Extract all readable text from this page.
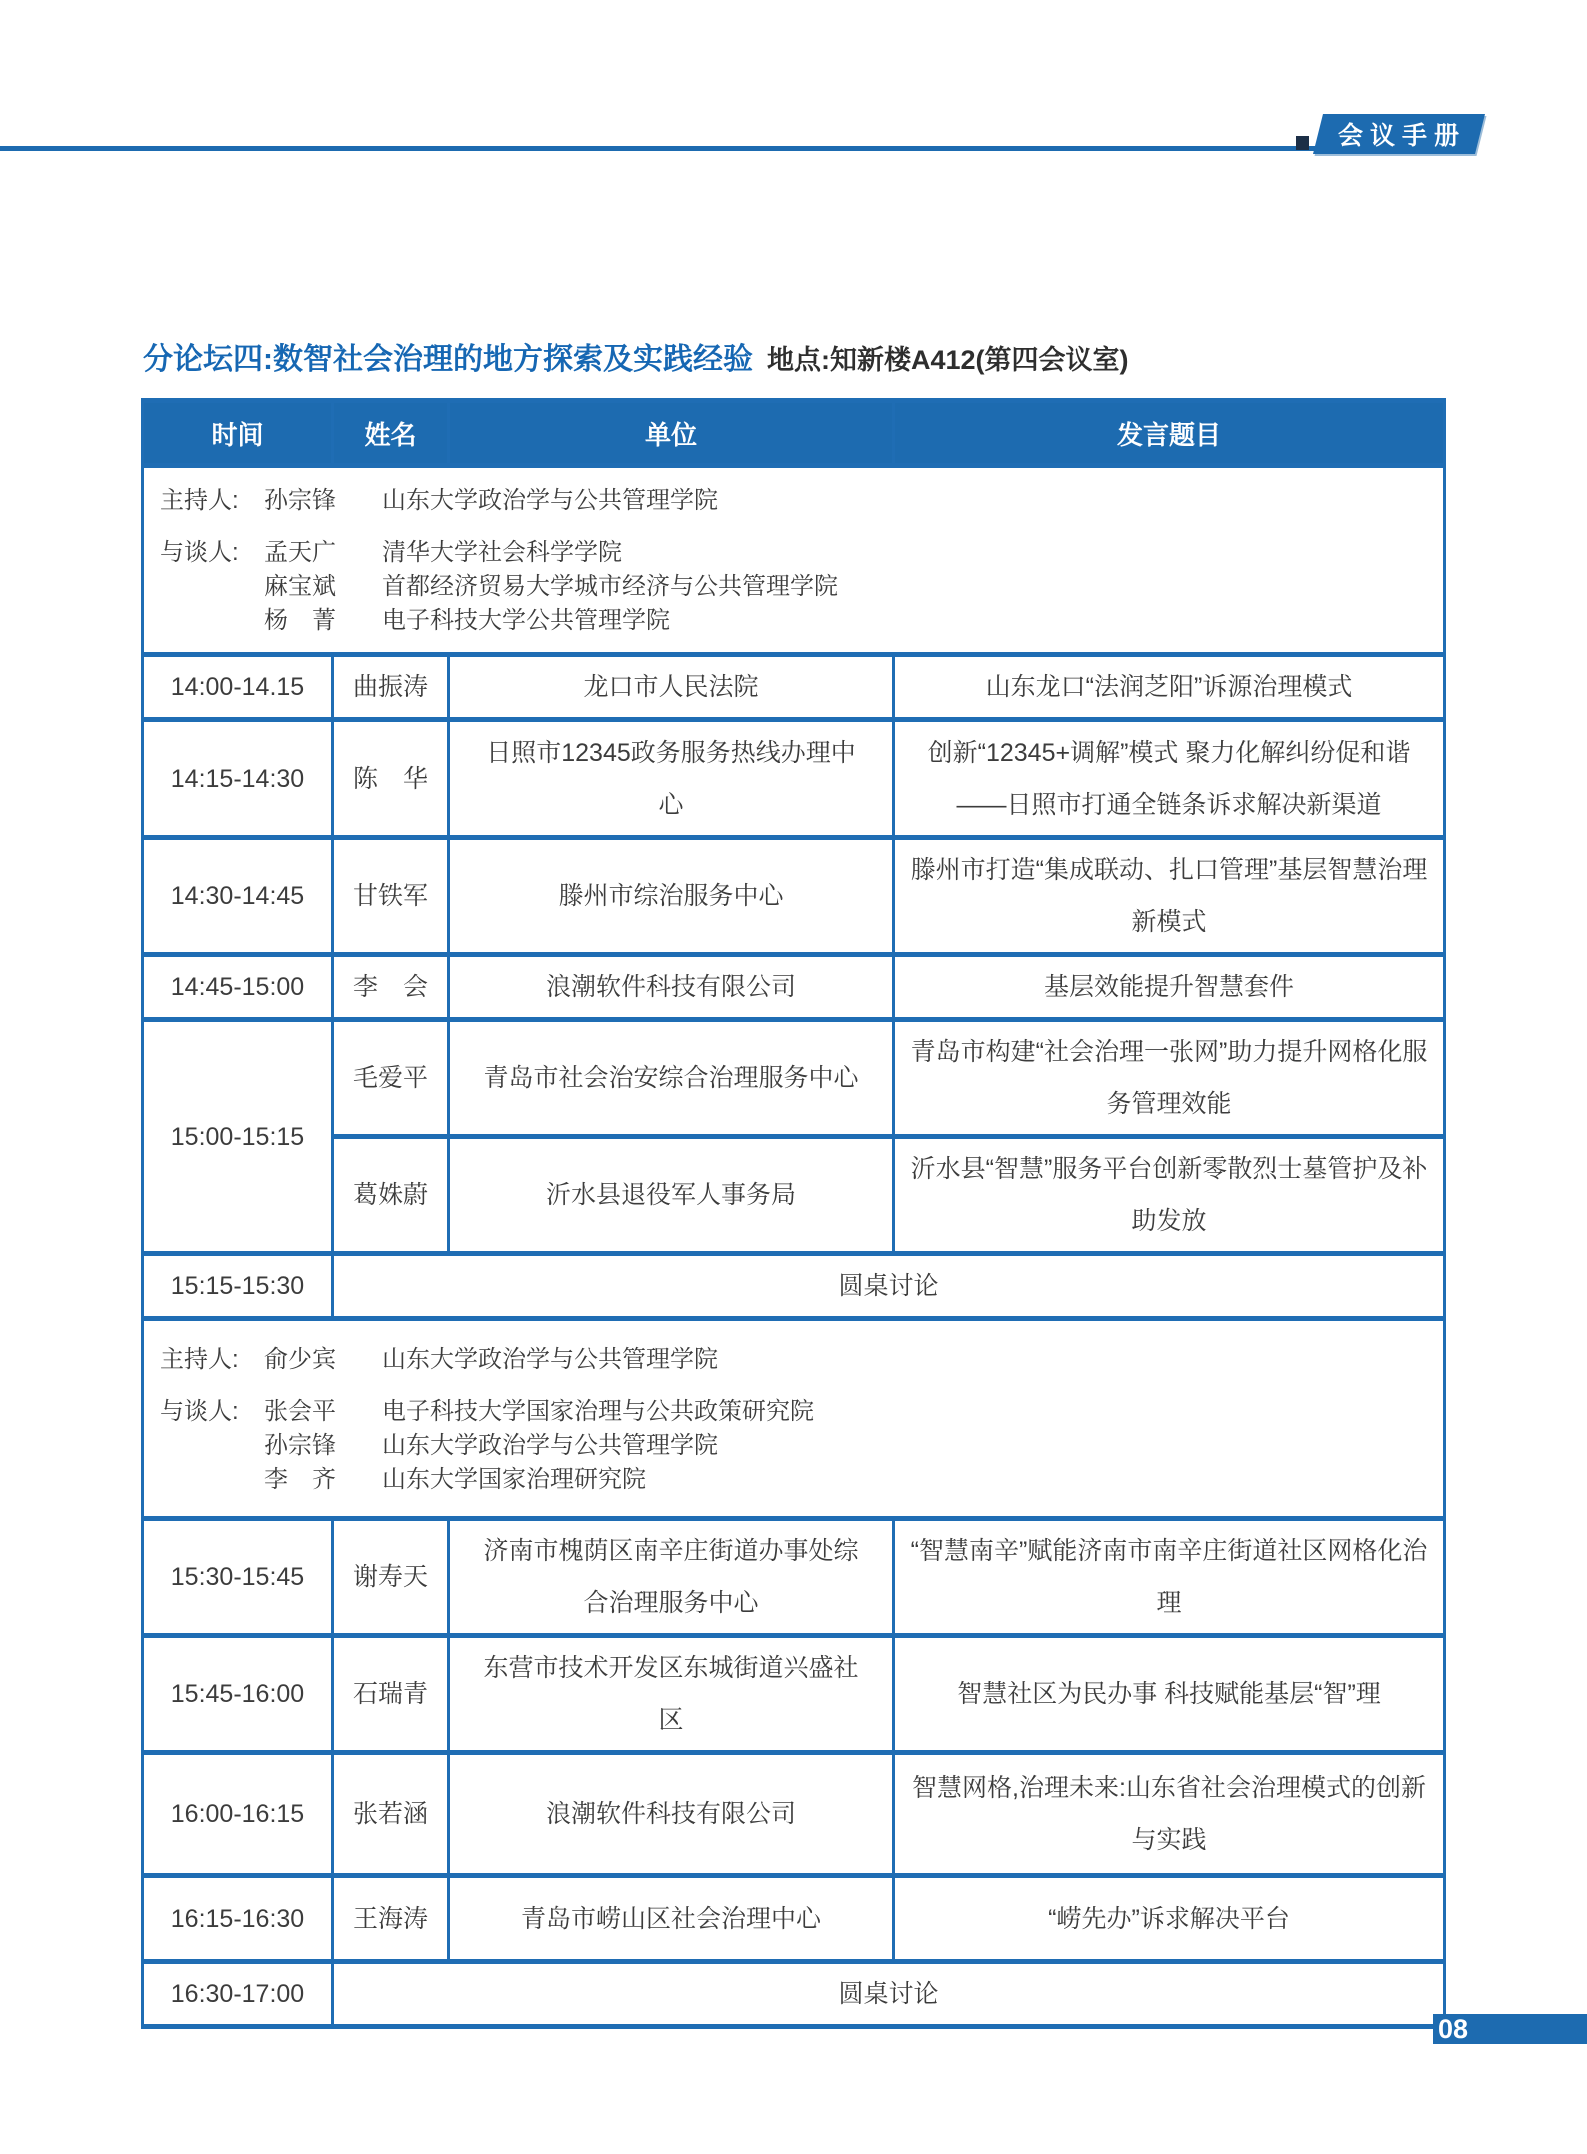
会议手册
分论坛四:数智社会治理的地方探索及实践经验 地点:知新楼A412(第四会议室)
时间	姓名	单位	发言题目

主持人:	孙宗锋	山东大学政治学与公共管理学院
与谈人:	孟天广	清华大学社会科学学院
麻宝斌	首都经济贸易大学城市经济与公共管理学院
杨　菁	电子科技大学公共管理学院

14:00-14.15	曲振涛	龙口市人民法院	山东龙口“法润芝阳”诉源治理模式
14:15-14:30	陈　华	日照市12345政务服务热线办理中心	创新“12345+调解”模式 聚力化解纠纷促和谐——日照市打通全链条诉求解决新渠道
14:30-14:45	甘铁军	滕州市综治服务中心	滕州市打造“集成联动、扎口管理”基层智慧治理新模式
14:45-15:00	李　会	浪潮软件科技有限公司	基层效能提升智慧套件
15:00-15:15	毛爱平	青岛市社会治安综合治理服务中心	青岛市构建“社会治理一张网”助力提升网格化服务管理效能
	葛姝蔚	沂水县退役军人事务局	沂水县“智慧”服务平台创新零散烈士墓管护及补助发放
15:15-15:30	圆桌讨论		

主持人:	俞少宾	山东大学政治学与公共管理学院
与谈人:	张会平	电子科技大学国家治理与公共政策研究院
孙宗锋	山东大学政治学与公共管理学院
李　齐	山东大学国家治理研究院

15:30-15:45	谢寿天	济南市槐荫区南辛庄街道办事处综合治理服务中心	“智慧南辛”赋能济南市南辛庄街道社区网格化治理
15:45-16:00	石瑞青	东营市技术开发区东城街道兴盛社区	智慧社区为民办事 科技赋能基层“智”理
16:00-16:15	张若涵	浪潮软件科技有限公司	智慧网格,治理未来:山东省社会治理模式的创新与实践
16:15-16:30	王海涛	青岛市崂山区社会治理中心	“崂先办”诉求解决平台
16:30-17:00	圆桌讨论		
08
